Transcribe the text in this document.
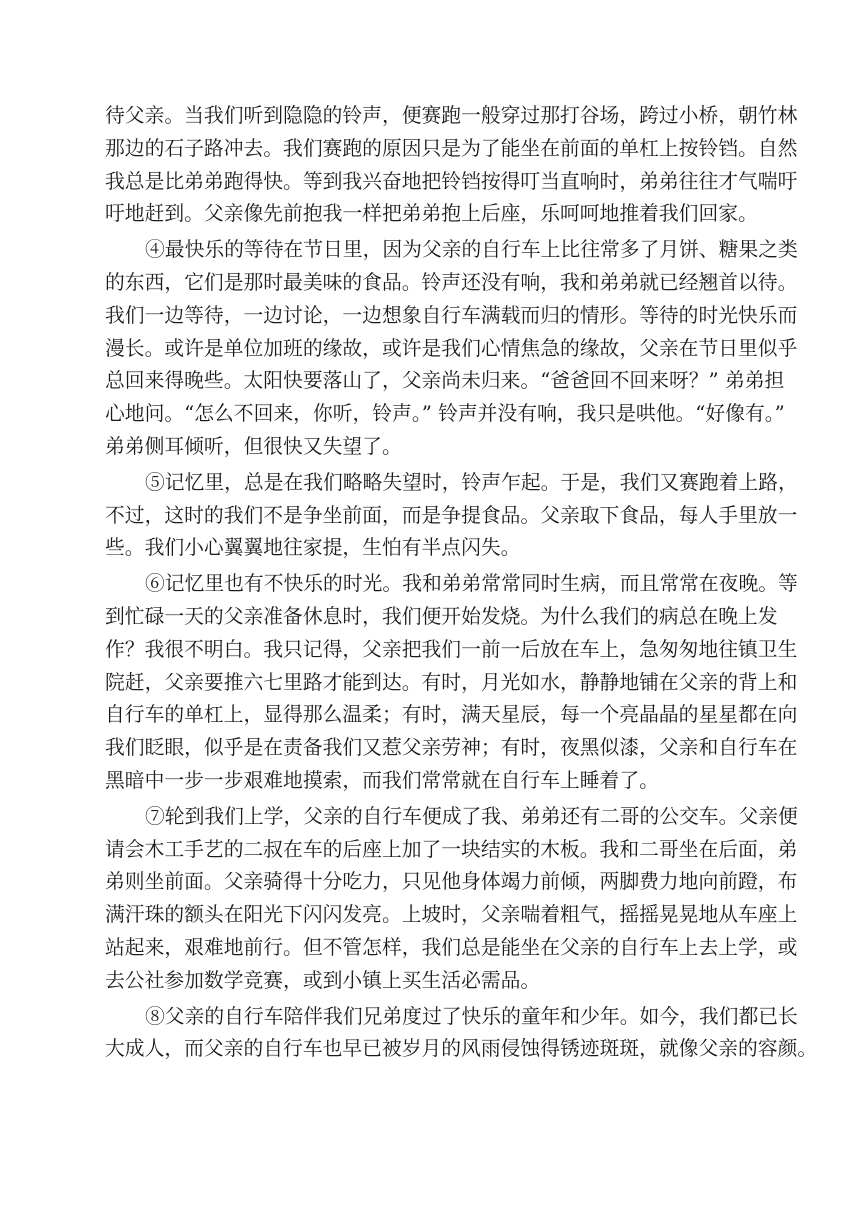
待父亲。当我们听到隐隐的铃声，便赛跑一般穿过那打谷场，跨过小桥，朝竹林
那边的石子路冲去。我们赛跑的原因只是为了能坐在前面的单杠上按铃铛。自然
我总是比弟弟跑得快。等到我兴奋地把铃铛按得叮当直响时，弟弟往往才气喘吁
吁地赶到。父亲像先前抱我一样把弟弟抱上后座，乐呵呵地推着我们回家。
④最快乐的等待在节日里，因为父亲的自行车上比往常多了月饼、糖果之类
的东西，它们是那时最美味的食品。铃声还没有响，我和弟弟就已经翘首以待。
我们一边等待，一边讨论，一边想象自行车满载而归的情形。等待的时光快乐而
漫长。或许是单位加班的缘故，或许是我们心情焦急的缘故，父亲在节日里似乎
总回来得晚些。太阳快要落山了，父亲尚未归来。“爸爸回不回来呀？” 弟弟担
心地问。“怎么不回来，你听，铃声。” 铃声并没有响，我只是哄他。“好像有。”
弟弟侧耳倾听，但很快又失望了。
⑤记忆里，总是在我们略略失望时，铃声乍起。于是，我们又赛跑着上路，
不过，这时的我们不是争坐前面，而是争提食品。父亲取下食品，每人手里放一
些。我们小心翼翼地往家提，生怕有半点闪失。
⑥记忆里也有不快乐的时光。我和弟弟常常同时生病，而且常常在夜晚。等
到忙碌一天的父亲准备休息时，我们便开始发烧。为什么我们的病总在晚上发
作？我很不明白。我只记得，父亲把我们一前一后放在车上，急匆匆地往镇卫生
院赶，父亲要推六七里路才能到达。有时，月光如水，静静地铺在父亲的背上和
自行车的单杠上，显得那么温柔；有时，满天星辰，每一个亮晶晶的星星都在向
我们眨眼，似乎是在责备我们又惹父亲劳神；有时，夜黑似漆，父亲和自行车在
黑暗中一步一步艰难地摸索，而我们常常就在自行车上睡着了。
⑦轮到我们上学，父亲的自行车便成了我、弟弟还有二哥的公交车。父亲便
请会木工手艺的二叔在车的后座上加了一块结实的木板。我和二哥坐在后面，弟
弟则坐前面。父亲骑得十分吃力，只见他身体竭力前倾，两脚费力地向前蹬，布
满汗珠的额头在阳光下闪闪发亮。上坡时，父亲喘着粗气，摇摇晃晃地从车座上
站起来，艰难地前行。但不管怎样，我们总是能坐在父亲的自行车上去上学，或
去公社参加数学竞赛，或到小镇上买生活必需品。
⑧父亲的自行车陪伴我们兄弟度过了快乐的童年和少年。如今，我们都已长
大成人，而父亲的自行车也早已被岁月的风雨侵蚀得锈迹斑斑，就像父亲的容颜。
